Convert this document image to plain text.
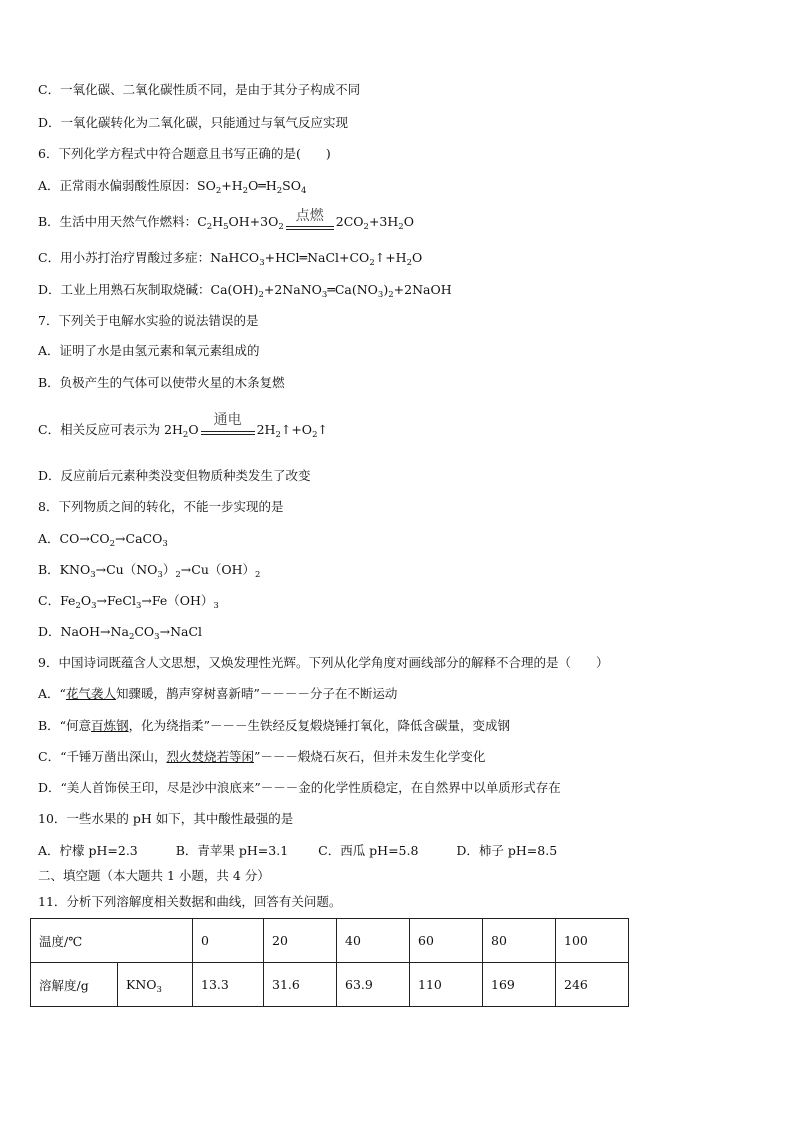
C．一氧化碳、二氧化碳性质不同，是由于其分子构成不同
D．一氧化碳转化为二氧化碳，只能通过与氧气反应实现
6．下列化学方程式中符合题意且书写正确的是(　　)
A．正常雨水偏弱酸性原因：$SO_2+H_2O═H_2SO_4$
B．生活中用天然气作燃料：$C_2H_5OH+3O_2$
点燃 $2CO_2+3H_2O$
C．用小苏打治疗胃酸过多症：$NaHCO_3+HCl═NaCl+CO_2↑+H_2O$
D．工业上用熟石灰制取烧碱：$Ca(OH)_2+2NaNO_3═Ca(NO_3)_2+2NaOH$
7．下列关于电解水实验的说法错误的是
A．证明了水是由氢元素和氧元素组成的
B．负极产生的气体可以使带火星的木条复燃
C．相关反应可表示为 $2H_2O$
通电
$2H_2↑+O_2↑$
D．反应前后元素种类没变但物质种类发生了改变
8．下列物质之间的转化，不能一步实现的是
A．$CO\to CO_2\to CaCO_3$
B．$KNO_3\to Cu(NO_3)_2\to Cu(OH)_2$
C．$Fe_2O_3\to FeCl_3\to Fe(OH)_3$
D．$NaOH\to Na_2CO_3\to NaCl$
9．中国诗词既蕴含人文思想，又焕发理性光辉。下列从化学角度对画线部分的解释不合理的是（　　）
A．“花气袭人知骤暖，鹊声穿树喜新晴”－－－－分子在不断运动
B．“何意百炼钢，化为绕指柔”－－－生铁经反复煅烧锤打氧化，降低含碳量，变成钢
C．“千锤万凿出深山，烈火焚烧若等闲”－－－煅烧石灰石，但并未发生化学变化
D．“美人首饰侯王印，尽是沙中浪底来”－－－金的化学性质稳定，在自然界中以单质形式存在
10．一些水果的 pH 如下，其中酸性最强的是
A．柠檬 pH=2.3	B．青苹果 pH=3.1 C．西瓜 pH=5.8	D．柿子 pH=8.5
二、填空题（本大题共 1 小题，共 4 分）
11．分析下列溶解度相关数据和曲线，回答有关问题。
温度/℃		0	20	40	60	80	100
溶解度/g	$KNO_3$	13.3	31.6	63.9	110	169	246
